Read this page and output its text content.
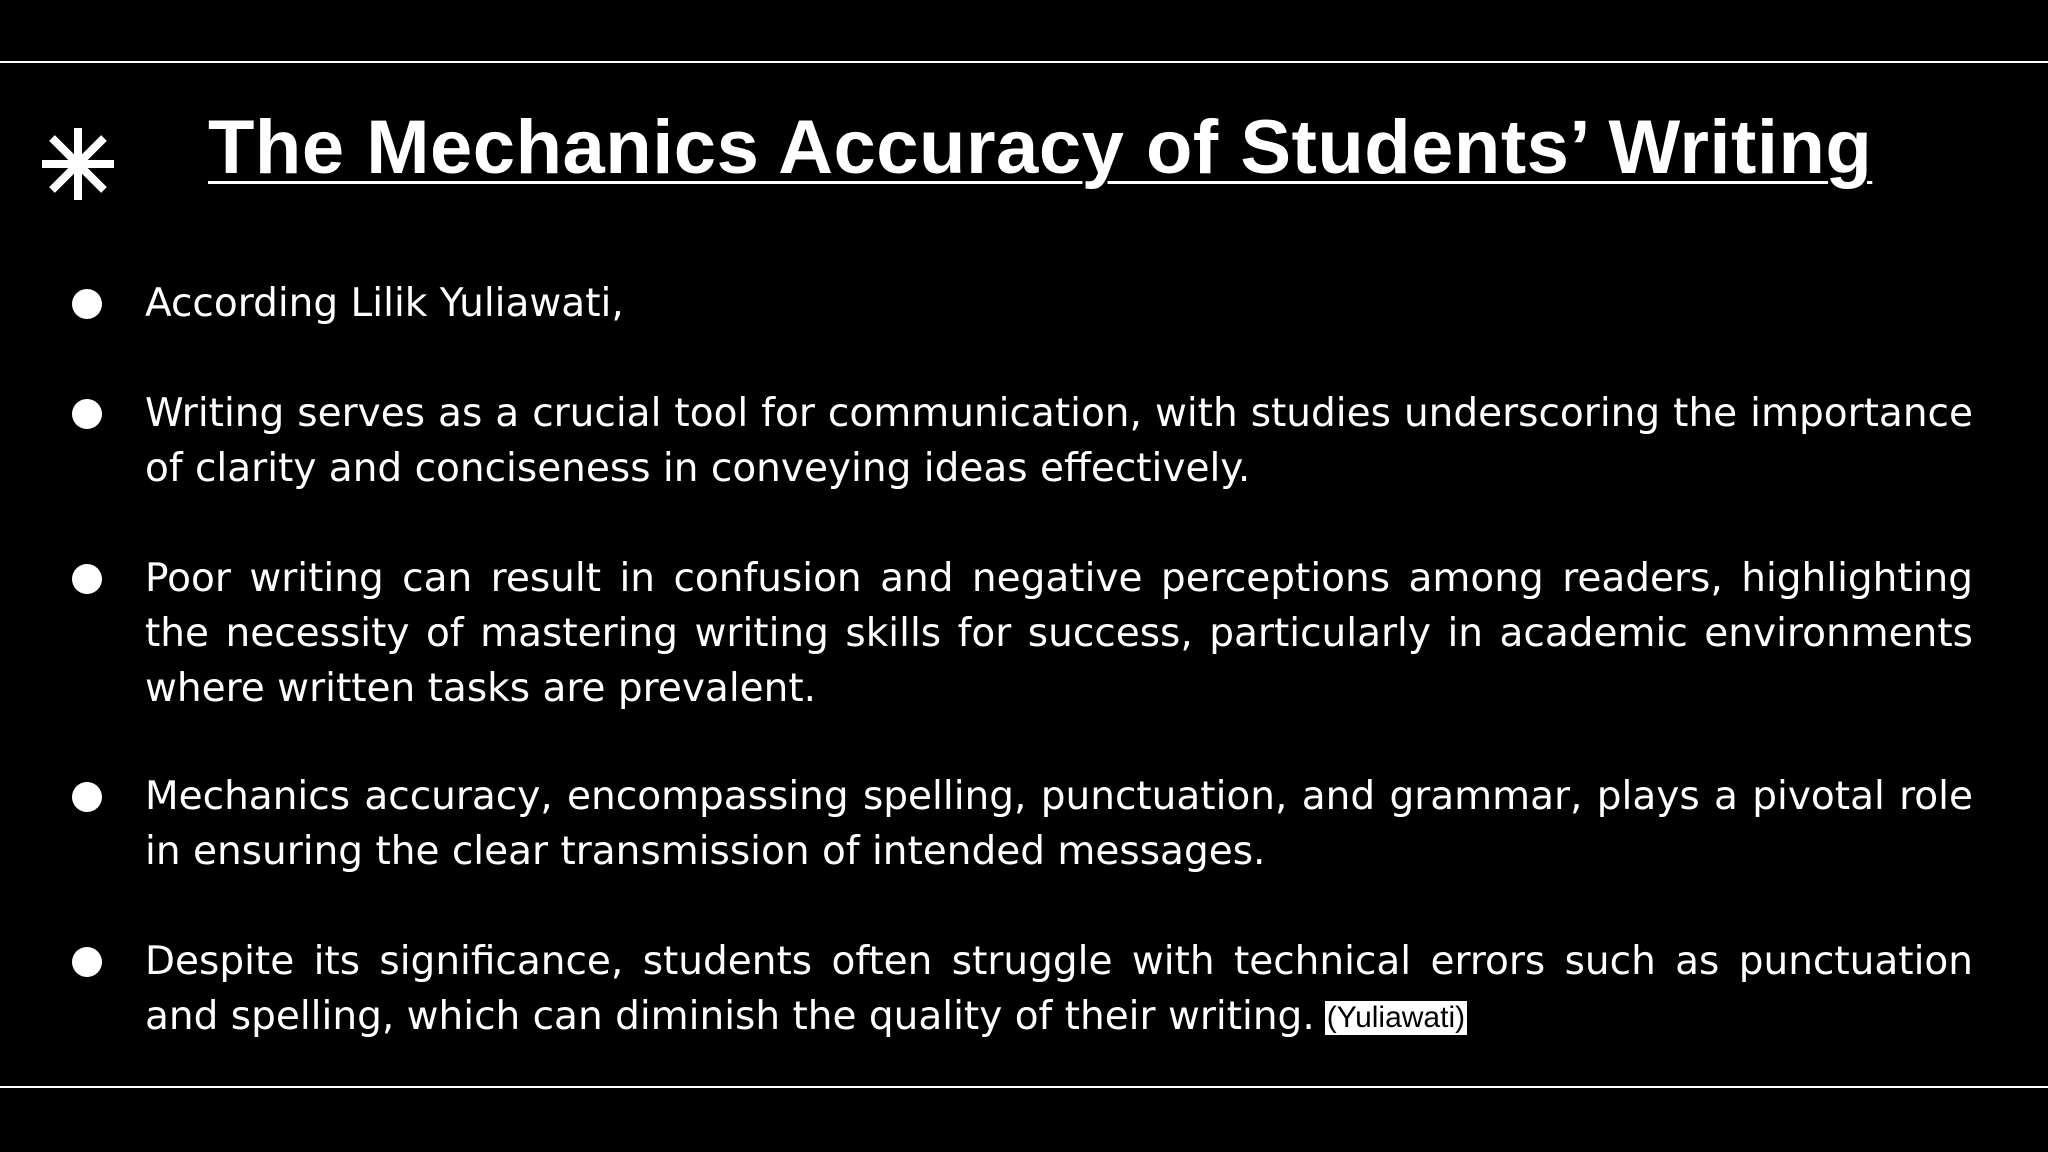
The Mechanics Accuracy of Students’ Writing
According Lilik Yuliawati,
Writing serves as a crucial tool for communication, with studies underscoring the importance of clarity and conciseness in conveying ideas effectively.
Poor writing can result in confusion and negative perceptions among readers, highlighting the necessity of mastering writing skills for success, particularly in academic environments where written tasks are prevalent.
Mechanics accuracy, encompassing spelling, punctuation, and grammar, plays a pivotal role in ensuring the clear transmission of intended messages.
Despite its significance, students often struggle with technical errors such as punctuation and spelling, which can diminish the quality of their writing. (Yuliawati)
